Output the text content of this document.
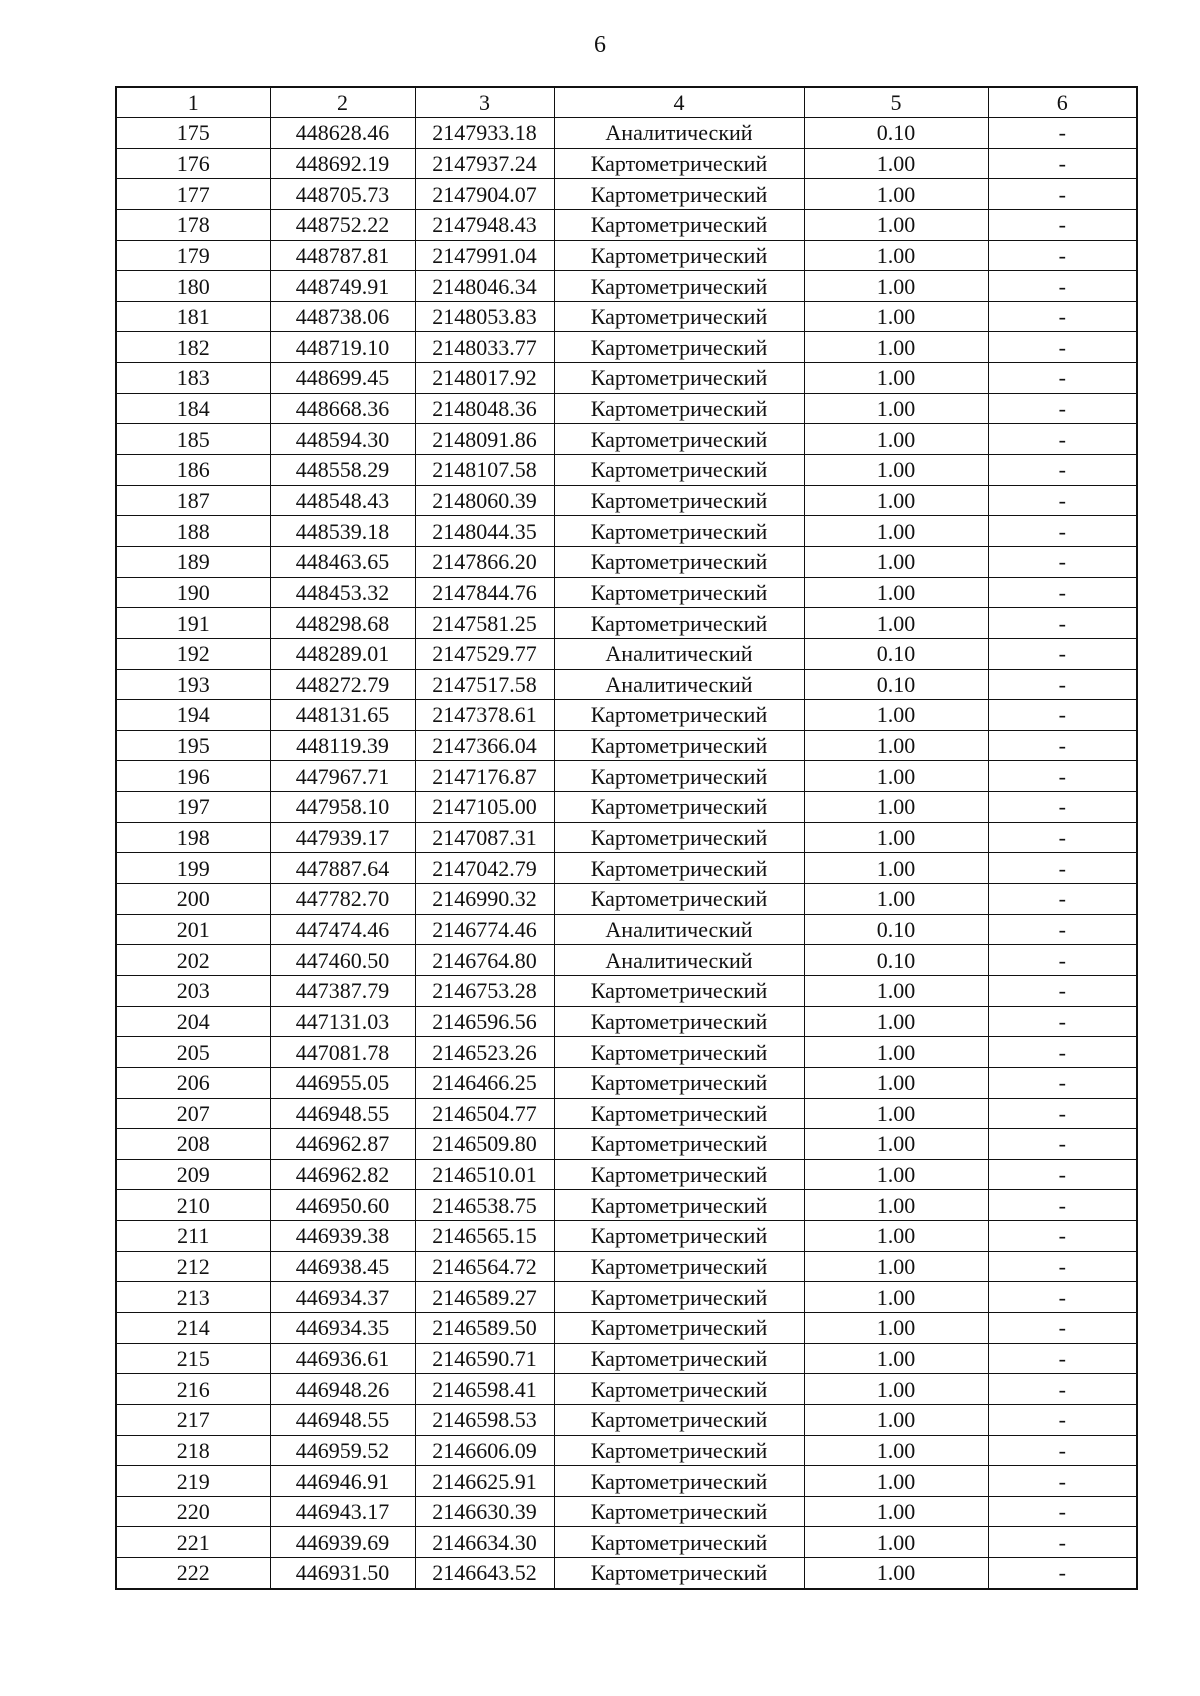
6
1	2	3	4	5	6
175	448628.46	2147933.18	Аналитический	0.10	-
176	448692.19	2147937.24	Картометрический	1.00	-
177	448705.73	2147904.07	Картометрический	1.00	-
178	448752.22	2147948.43	Картометрический	1.00	-
179	448787.81	2147991.04	Картометрический	1.00	-
180	448749.91	2148046.34	Картометрический	1.00	-
181	448738.06	2148053.83	Картометрический	1.00	-
182	448719.10	2148033.77	Картометрический	1.00	-
183	448699.45	2148017.92	Картометрический	1.00	-
184	448668.36	2148048.36	Картометрический	1.00	-
185	448594.30	2148091.86	Картометрический	1.00	-
186	448558.29	2148107.58	Картометрический	1.00	-
187	448548.43	2148060.39	Картометрический	1.00	-
188	448539.18	2148044.35	Картометрический	1.00	-
189	448463.65	2147866.20	Картометрический	1.00	-
190	448453.32	2147844.76	Картометрический	1.00	-
191	448298.68	2147581.25	Картометрический	1.00	-
192	448289.01	2147529.77	Аналитический	0.10	-
193	448272.79	2147517.58	Аналитический	0.10	-
194	448131.65	2147378.61	Картометрический	1.00	-
195	448119.39	2147366.04	Картометрический	1.00	-
196	447967.71	2147176.87	Картометрический	1.00	-
197	447958.10	2147105.00	Картометрический	1.00	-
198	447939.17	2147087.31	Картометрический	1.00	-
199	447887.64	2147042.79	Картометрический	1.00	-
200	447782.70	2146990.32	Картометрический	1.00	-
201	447474.46	2146774.46	Аналитический	0.10	-
202	447460.50	2146764.80	Аналитический	0.10	-
203	447387.79	2146753.28	Картометрический	1.00	-
204	447131.03	2146596.56	Картометрический	1.00	-
205	447081.78	2146523.26	Картометрический	1.00	-
206	446955.05	2146466.25	Картометрический	1.00	-
207	446948.55	2146504.77	Картометрический	1.00	-
208	446962.87	2146509.80	Картометрический	1.00	-
209	446962.82	2146510.01	Картометрический	1.00	-
210	446950.60	2146538.75	Картометрический	1.00	-
211	446939.38	2146565.15	Картометрический	1.00	-
212	446938.45	2146564.72	Картометрический	1.00	-
213	446934.37	2146589.27	Картометрический	1.00	-
214	446934.35	2146589.50	Картометрический	1.00	-
215	446936.61	2146590.71	Картометрический	1.00	-
216	446948.26	2146598.41	Картометрический	1.00	-
217	446948.55	2146598.53	Картометрический	1.00	-
218	446959.52	2146606.09	Картометрический	1.00	-
219	446946.91	2146625.91	Картометрический	1.00	-
220	446943.17	2146630.39	Картометрический	1.00	-
221	446939.69	2146634.30	Картометрический	1.00	-
222	446931.50	2146643.52	Картометрический	1.00	-
